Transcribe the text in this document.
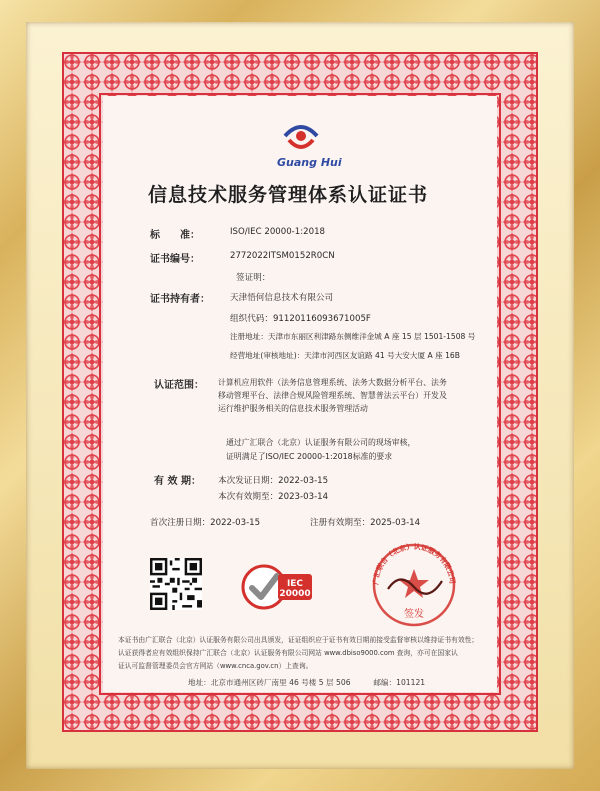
Guang Hui
信息技术服务管理体系认证证书
标　　准：	ISO/IEC 20000-1:2018
证书编号：	2772022ITSM0152R0CN
签证明：
证书持有者： 天津悟何信息技术有限公司
组织代码：91120116093671005F
注册地址：天津市东丽区利津路东侧维洋金城 A 座 15 层 1501-1508 号
经营地址(审核地址)：天津市河西区友谊路 41 号大安大厦 A 座 16B
认证范围： 计算机应用软件（法务信息管理系统、法务大数据分析平台、法务
移动管理平台、法律合规风险管理系统、智慧普法云平台）开发及
运行维护服务相关的信息技术服务管理活动
通过广汇联合（北京）认证服务有限公司的现场审核，
证明满足了ISO/IEC 20000-1:2018标准的要求
有 效 期： 本次发证日期：2022-03-15
本次有效期至：2023-03-14
首次注册日期：2022-03-15	注册有效期至：2025-03-14
IEC
20000
广汇联合（北京）认证服务有限公司
签发
本证书由广汇联合（北京）认证服务有限公司出具颁发，证证组织应于证书有效日期前接受监督审核以维持证书有效性；
认证获得者应有效组织保持广汇联合（北京）认证服务有限公司网站 www.dbiso9000.com 查询，亦可在国家认
证认可监督管理委员会官方网站（www.cnca.gov.cn）上查询。
地址：北京市通州区砖厂南里 46 号楼 5 层 506　　　邮编：101121
